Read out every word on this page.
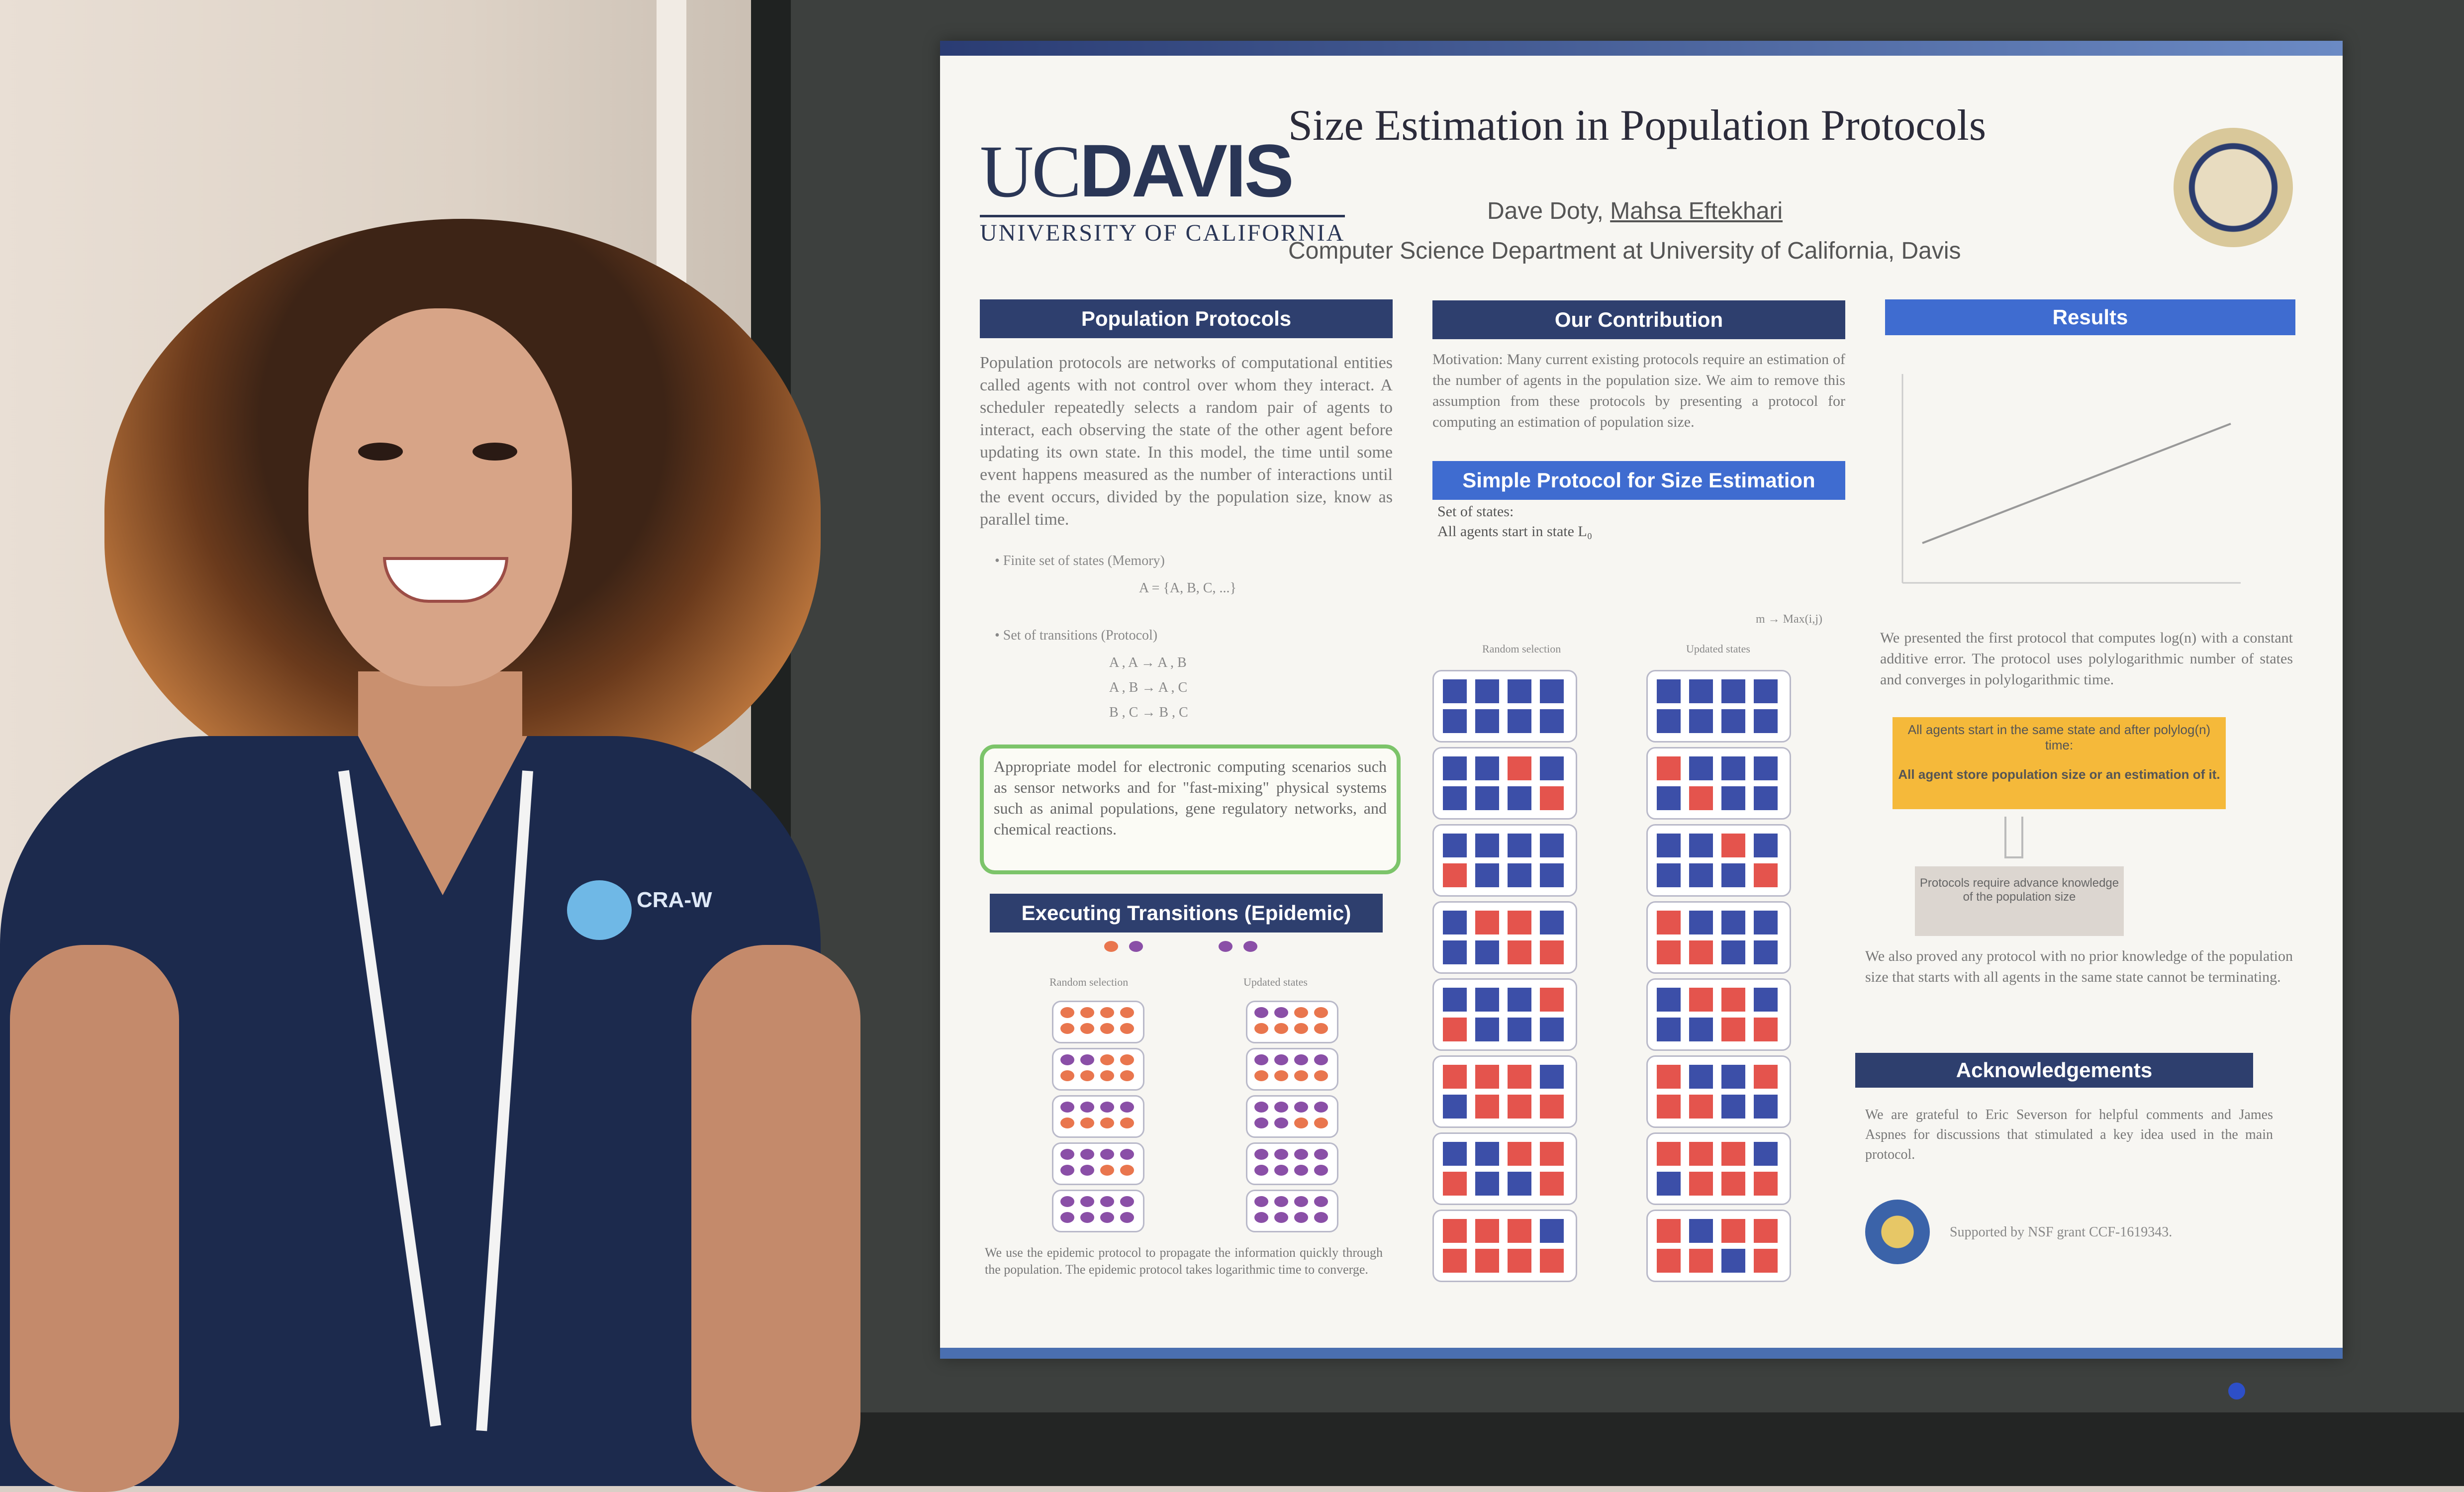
UCDAVIS
UNIVERSITY OF CALIFORNIA
Size Estimation in Population Protocols
Dave Doty, Mahsa Eftekhari
Computer Science Department at University of California, Davis
Population Protocols
Population protocols are networks of computational entities called agents with not control over whom they interact. A scheduler repeatedly selects a random pair of agents to interact, each observing the state of the other agent before updating its own state. In this model, the time until some event happens measured as the number of interactions until the event occurs, divided by the population size, know as parallel time.
• Finite set of states (Memory)
A = {A, B, C, ...}
• Set of transitions (Protocol)
A , A → A , B
A , B → A , C
B , C → B , C
Appropriate model for electronic computing scenarios such as sensor networks and for "fast-mixing" physical systems such as animal populations, gene regulatory networks, and chemical reactions.
Executing Transitions (Epidemic)
Random selection	Updated states
We use the epidemic protocol to propagate the information quickly through the population. The epidemic protocol takes logarithmic time to converge.
Our Contribution
Motivation: Many current existing protocols require an estimation of the number of agents in the population size. We aim to remove this assumption from these protocols by presenting a protocol for computing an estimation of population size.
Simple Protocol for Size Estimation
Set of states:
All agents start in state L₀
m → Max(i,j)
Random selection	Updated states
Results
We presented the first protocol that computes log(n) with a constant additive error. The protocol uses polylogarithmic number of states and converges in polylogarithmic time.
All agents start in the same state and after polylog(n) time:
All agent store population size or an estimation of it.
Protocols require advance knowledge of the population size
We also proved any protocol with no prior knowledge of the population size that starts with all agents in the same state cannot be terminating.
Acknowledgements
We are grateful to Eric Severson for helpful comments and James Aspnes for discussions that stimulated a key idea used in the main protocol.
Supported by NSF grant CCF-1619343.
CRA-W
